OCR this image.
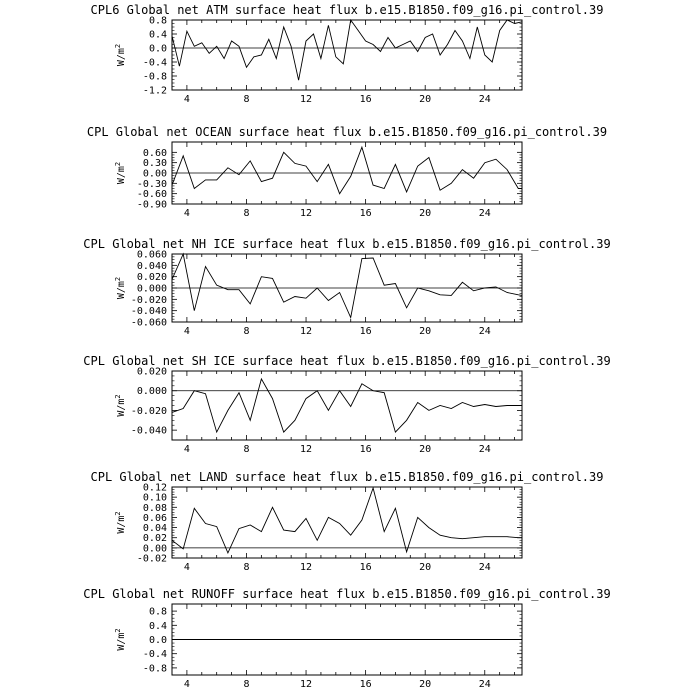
CPL6 Global net ATM surface heat flux b.e15.B1850.f09_g16.pi_control.39
4	8	12	16	20	24
0.8
0.4
0.0
-0.4
-0.8
-1.2
$W/m^2$
CPL Global net OCEAN surface heat flux b.e15.B1850.f09_g16.pi_control.39
4	8	12	16	20	24
0.60
0.30
0.00
-0.30
-0.60
-0.90
$W/m^2$
CPL Global net NH ICE surface heat flux b.e15.B1850.f09_g16.pi_control.39
4	8	12	16	20	24
0.060
0.040
0.020
0.000
-0.020
-0.040
-0.060
$W/m^2$
CPL Global net SH ICE surface heat flux b.e15.B1850.f09_g16.pi_control.39
4	8	12	16	20	24
0.020
0.000
-0.020
-0.040
$W/m^2$
CPL Global net LAND surface heat flux b.e15.B1850.f09_g16.pi_control.39
4	8	12	16	20	24
0.12
0.10
0.08
0.06
0.04
0.02
0.00
-0.02
$W/m^2$
CPL Global net RUNOFF surface heat flux b.e15.B1850.f09_g16.pi_control.39
4	8	12	16	20	24
0.8
0.4
0.0
-0.4
-0.8
$W/m^2$
